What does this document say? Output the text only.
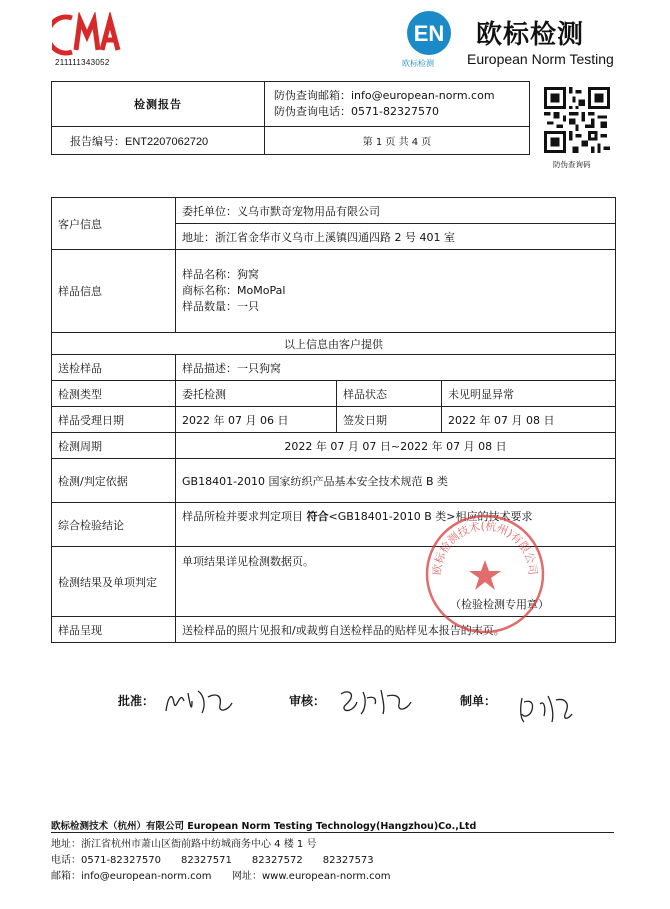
211111343052
EN
欧标检测
欧标检测
European Norm Testing
检测报告	防伪查询邮箱：info@european-norm.com
防伪查询电话：0571-82327570	

报告编号：ENT2207062720	第 1 页 共 4 页	
防伪查询码
客户信息	委托单位：义乌市默奇宠物用品有限公司		
	地址：浙江省金华市义乌市上溪镇四通四路 2 号 401 室		
样品信息	样品名称：狗窝
商标名称：MoMoPal
样品数量：一只		

以上信息由客户提供			
送检样品	样品描述：一只狗窝		
检测类型	委托检测	样品状态	未见明显异常
样品受理日期	2022 年 07 月 06 日	签发日期	2022 年 07 月 08 日
检测周期	2022 年 07 月 07 日~2022 年 07 月 08 日		
检测/判定依据	GB18401-2010 国家纺织产品基本安全技术规范 B 类		
综合检验结论	样品所检并要求判定项目 符合<GB18401-2010 B 类>相应的技术要求		
检测结果及单项判定	单项结果详见检测数据页。
（检验检测专用章）		

样品呈现	送检样品的照片见报和/或裁剪自送检样品的贴样见本报告的末页。		
欧标检测技术(杭州)有限公司
批准：	审核：	制单：
欧标检测技术（杭州）有限公司 European Norm Testing Technology(Hangzhou)Co.,Ltd
地址：浙江省杭州市萧山区衙前路中纺城商务中心 4 楼 1 号
电话：0571-82327570　　82327571　　82327572　　82327573
邮箱：info@european-norm.com 网址：www.european-norm.com
